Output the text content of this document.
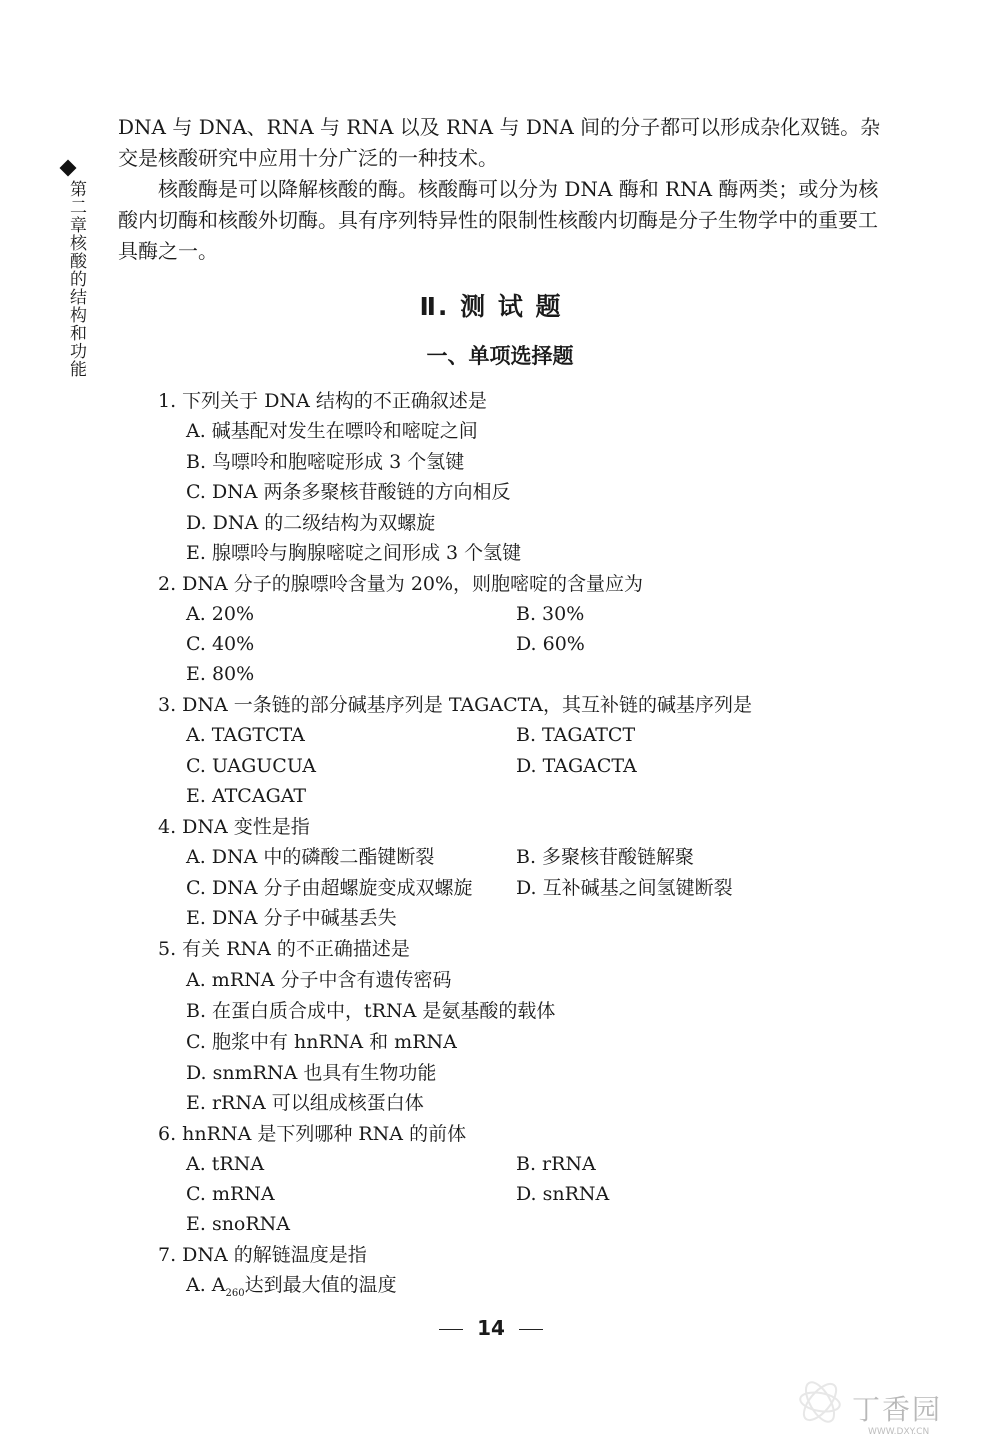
第二章核酸的结构和功能
DNA 与 DNA、RNA 与 RNA 以及 RNA 与 DNA 间的分子都可以形成杂化双链。杂交是核酸研究中应用十分广泛的一种技术。
核酸酶是可以降解核酸的酶。核酸酶可以分为 DNA 酶和 RNA 酶两类；或分为核酸内切酶和核酸外切酶。具有序列特异性的限制性核酸内切酶是分子生物学中的重要工具酶之一。
Ⅱ. 测 试 题
一、单项选择题
1. 下列关于 DNA 结构的不正确叙述是
A. 碱基配对发生在嘌呤和嘧啶之间
B. 鸟嘌呤和胞嘧啶形成 3 个氢键
C. DNA 两条多聚核苷酸链的方向相反
D. DNA 的二级结构为双螺旋
E. 腺嘌呤与胸腺嘧啶之间形成 3 个氢键
2. DNA 分子的腺嘌呤含量为 20%，则胞嘧啶的含量应为
A. 20%	B. 30%
C. 40%	D. 60%
E. 80%
3. DNA 一条链的部分碱基序列是 TAGACTA，其互补链的碱基序列是
A. TAGTCTA	B. TAGATCT
C. UAGUCUA	D. TAGACTA
E. ATCAGAT
4. DNA 变性是指
A. DNA 中的磷酸二酯键断裂	B. 多聚核苷酸链解聚
C. DNA 分子由超螺旋变成双螺旋 D. 互补碱基之间氢键断裂
E. DNA 分子中碱基丢失
5. 有关 RNA 的不正确描述是
A. mRNA 分子中含有遗传密码
B. 在蛋白质合成中，tRNA 是氨基酸的载体
C. 胞浆中有 hnRNA 和 mRNA
D. snmRNA 也具有生物功能
E. rRNA 可以组成核蛋白体
6. hnRNA 是下列哪种 RNA 的前体
A. tRNA	B. rRNA
C. mRNA	D. snRNA
E. snoRNA
7. DNA 的解链温度是指
A. $A_{260}$达到最大值的温度
14
丁香园
WWW.DXY.CN
